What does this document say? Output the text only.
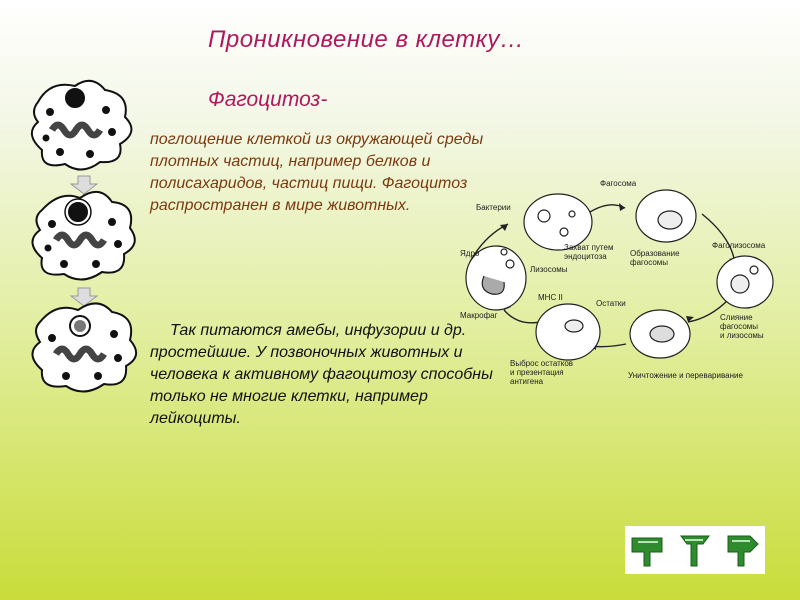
Проникновение в клетку…
Фагоцитоз-
поглощение клеткой из окружающей среды плотных частиц, например белков и полисахаридов, частиц пищи. Фагоцитоз распространен в мире животных.
Так питаются амебы, инфузории и др. простейшие. У позвоночных животных и человека к активному фагоцитозу способны только не многие клетки, например лейкоциты.
Бактерии
Фагосома
Захват путем
эндоцитоза
Ядро
Лизосомы
Образование
фагосомы
Фаголизосома
МНС II
Остатки
Макрофаг	Слияние
фагосомы
и лизосомы
Выброс остатков
и презентация
антигена
Уничтожение и переваривание
